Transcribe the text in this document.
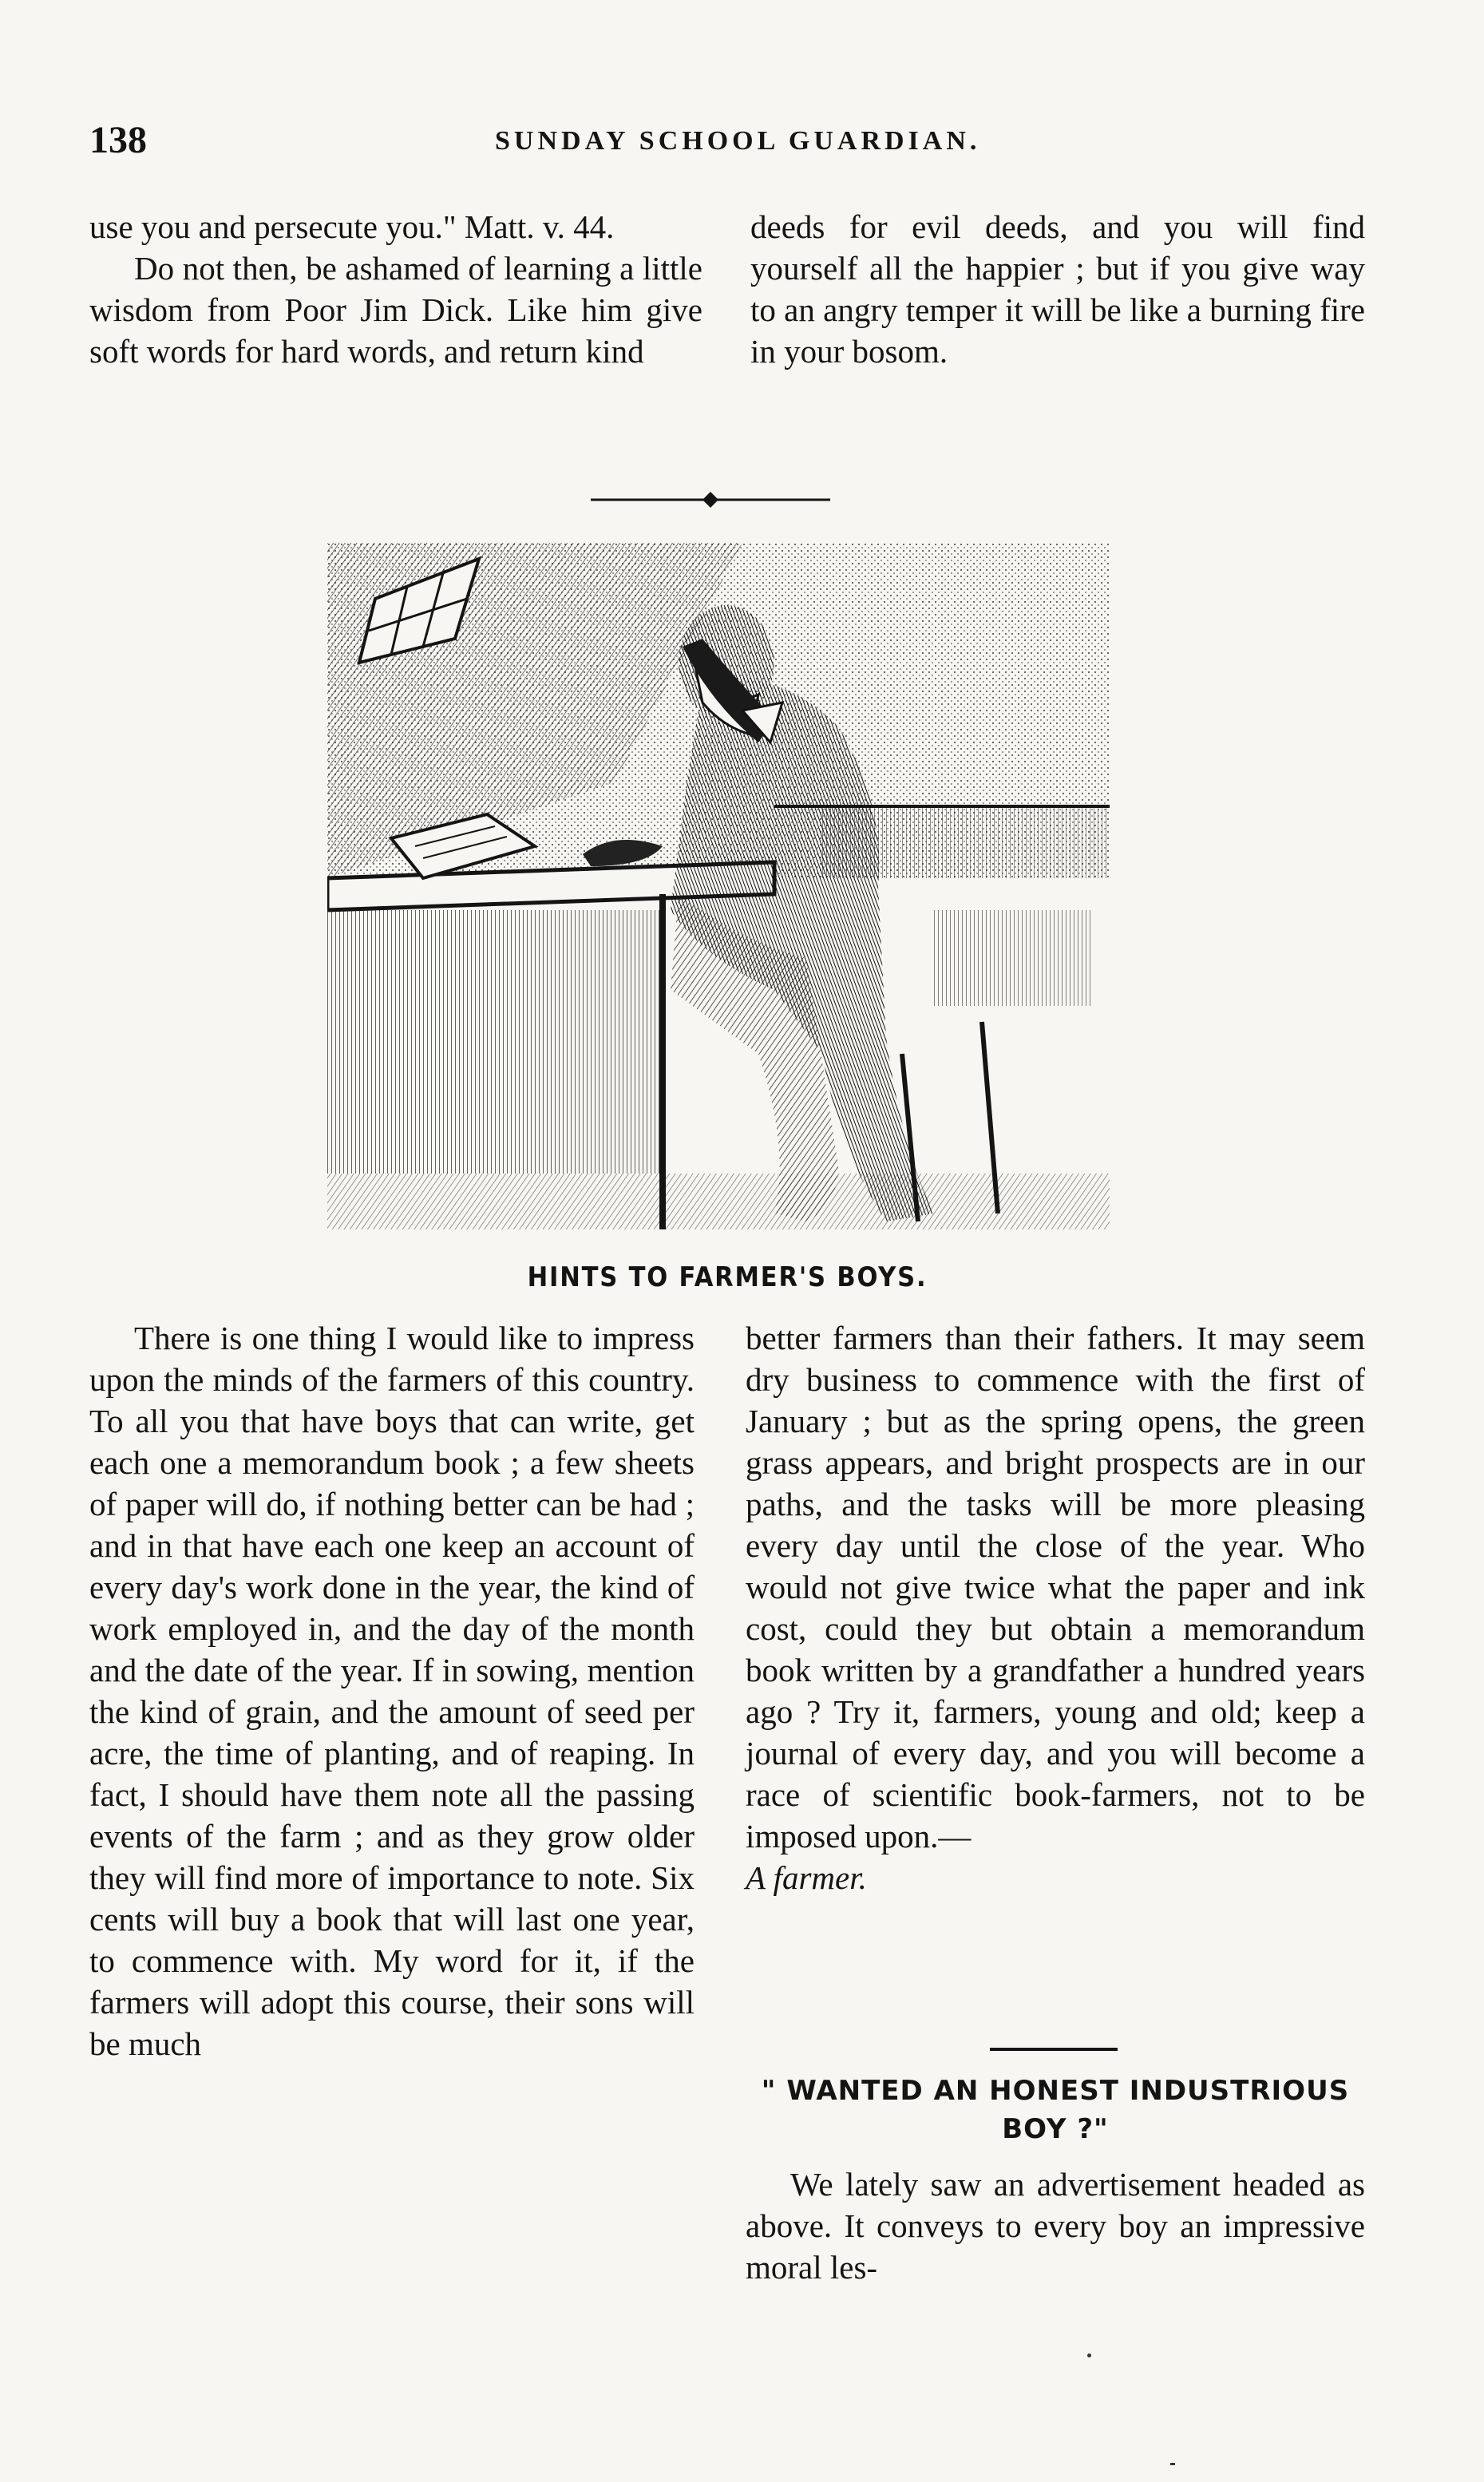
138	SUNDAY SCHOOL GUARDIAN.

use you and persecute you." Matt. v. 44.

Do not then, be ashamed of learning a little wisdom from Poor Jim Dick. Like him give soft words for hard words, and return kind

deeds for evil deeds, and you will find yourself all the happier ; but if you give way to an angry temper it will be like a burning fire in your bosom.

HINTS TO FARMER'S BOYS.

There is one thing I would like to impress upon the minds of the farmers of this country. To all you that have boys that can write, get each one a memorandum book ; a few sheets of paper will do, if nothing better can be had ; and in that have each one keep an account of every day's work done in the year, the kind of work employed in, and the day of the month and the date of the year. If in sowing, mention the kind of grain, and the amount of seed per acre, the time of planting, and of reaping. In fact, I should have them note all the passing events of the farm ; and as they grow older they will find more of importance to note. Six cents will buy a book that will last one year, to commence with. My word for it, if the farmers will adopt this course, their sons will be much

better farmers than their fathers. It may seem dry business to commence with the first of January ; but as the spring opens, the green grass appears, and bright prospects are in our paths, and the tasks will be more pleasing every day until the close of the year. Who would not give twice what the paper and ink cost, could they but obtain a memorandum book written by a grandfather a hundred years ago ? Try it, farmers, young and old; keep a journal of every day, and you will become a race of scientific book-farmers, not to be imposed upon.—

A farmer.

" WANTED AN HONEST INDUSTRIOUS BOY ?"

We lately saw an advertisement headed as above. It conveys to every boy an impressive moral les-
